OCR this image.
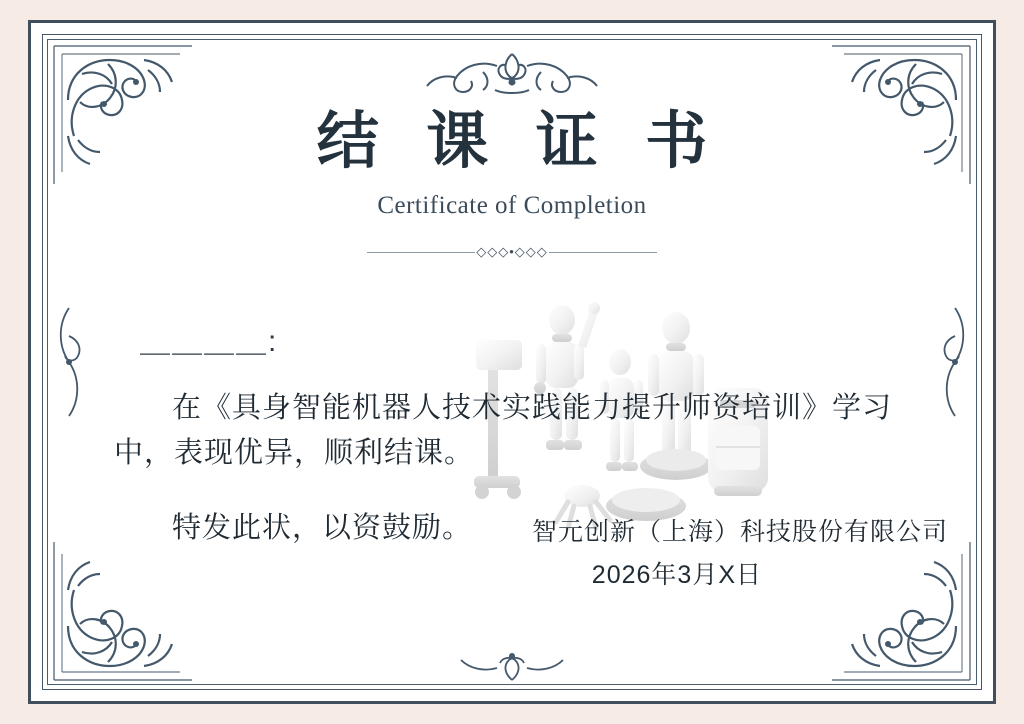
结 课 证 书
Certificate of Completion
◇◇◇•◇◇◇
＿＿＿＿:

在《具身智能机器人技术实践能力提升师资培训》学习中，表现优异，顺利结课。

特发此状，以资鼓励。	智元创新（上海）科技股份有限公司
2026年3月X日
